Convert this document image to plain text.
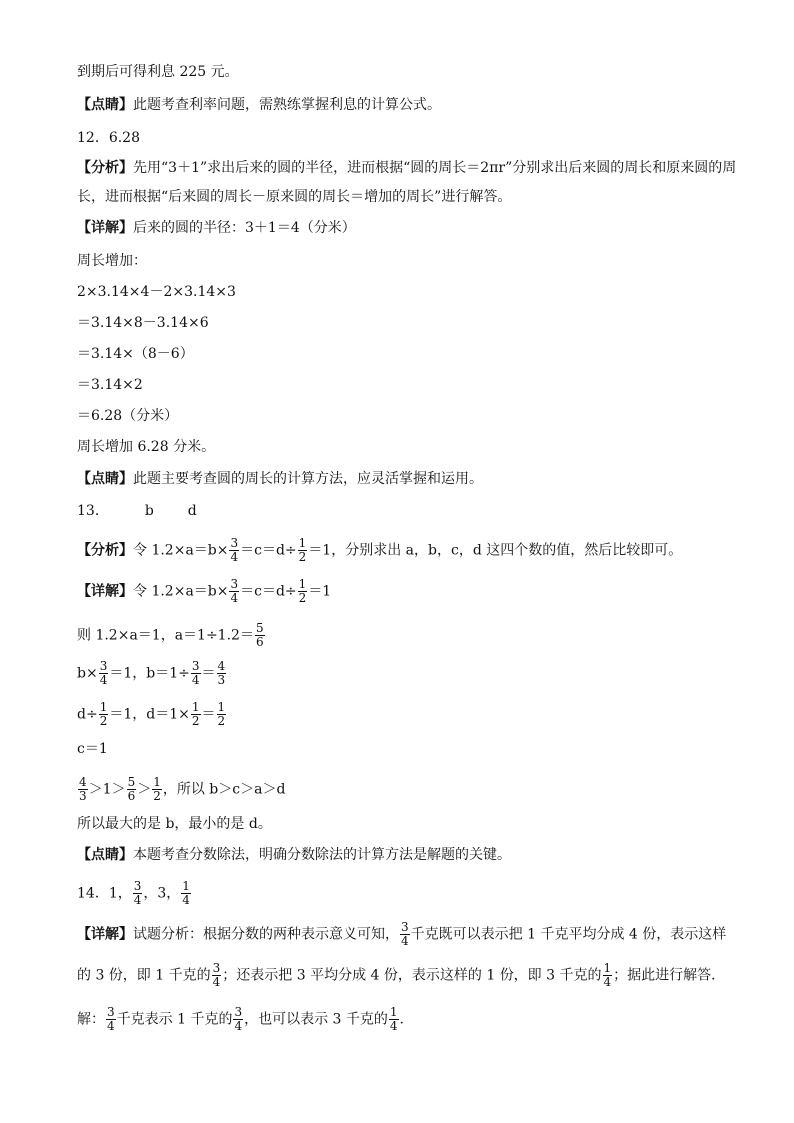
到期后可得利息 225 元。
【点睛】此题考查利率问题，需熟练掌握利息的计算公式。
12．6.28
【分析】先用“3＋1”求出后来的圆的半径，进而根据“圆的周长＝2πr”分别求出后来圆的周长和原来圆的周
长，进而根据“后来圆的周长－原来圆的周长＝增加的周长”进行解答。
【详解】后来的圆的半径：3＋1＝4（分米）
周长增加：
2×3.14×4－2×3.14×3
＝3.14×8－3.14×6
＝3.14×（8－6）
＝3.14×2
＝6.28（分米）
周长增加 6.28 分米。
【点睛】此题主要考查圆的周长的计算方法，应灵活掌握和运用。
13．	b d
【分析】令 $1.2\times a=b\times \frac{3}{4} =c=d\div \frac{1}{2} =1$，分别求出 a，b，c，d 这四个数的值，然后比较即可。
【详解】令 $1.2\times a=b\times \frac{3}{4} =c=d\div \frac{1}{2} =1$
则 1.2×a＝1，$a=1\div 1.2= \frac{5}{6}$
$b\times \frac{3}{4} =1$，$b=1\div \frac{3}{4} = \frac{4}{3}$
$d\div \frac{1}{2} =1$，$d=1\times \frac{1}{2} = \frac{1}{2}$
c＝1
$\frac{4}{3} >1> \frac{5}{6} > \frac{1}{2}$ ，所以 b＞c＞a＞d
所以最大的是 b，最小的是 d。
【点睛】本题考查分数除法，明确分数除法的计算方法是解题的关键。
14．1， $\frac{3}{4}$ ，3， $\frac{1}{4}$
【详解】试题分析：根据分数的两种表示意义可知， $\frac{3}{4}$ 千克既可以表示把 1 千克平均分成 4 份，表示这样
的 3 份，即 1 千克的 $\frac{3}{4}$ ；还表示把 3 平均分成 4 份，表示这样的 1 份，即 3 千克的 $\frac{1}{4}$ ；据此进行解答．
解： $\frac{3}{4}$ 千克表示 1 千克的 $\frac{3}{4}$ ，也可以表示 3 千克的 $\frac{1}{4}$ .
